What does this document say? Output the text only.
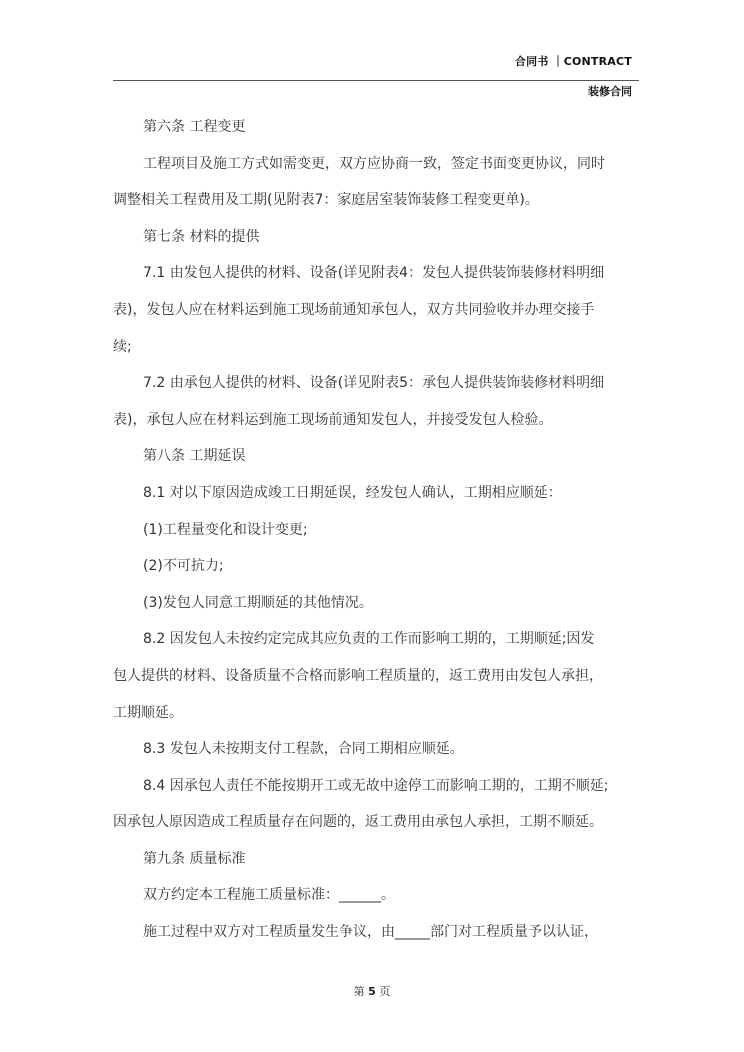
合同书 ｜CONTRACT
装修合同
第六条 工程变更
工程项目及施工方式如需变更，双方应协商一致，签定书面变更协议，同时
调整相关工程费用及工期(见附表7：家庭居室装饰装修工程变更单)。
第七条 材料的提供
7.1 由发包人提供的材料、设备(详见附表4：发包人提供装饰装修材料明细
表)，发包人应在材料运到施工现场前通知承包人，双方共同验收并办理交接手
续;
7.2 由承包人提供的材料、设备(详见附表5：承包人提供装饰装修材料明细
表)，承包人应在材料运到施工现场前通知发包人，并接受发包人检验。
第八条 工期延误
8.1 对以下原因造成竣工日期延误，经发包人确认，工期相应顺延：
(1)工程量变化和设计变更;
(2)不可抗力;
(3)发包人同意工期顺延的其他情况。
8.2 因发包人未按约定完成其应负责的工作而影响工期的，工期顺延;因发
包人提供的材料、设备质量不合格而影响工程质量的，返工费用由发包人承担，
工期顺延。
8.3 发包人未按期支付工程款，合同工期相应顺延。
8.4 因承包人责任不能按期开工或无故中途停工而影响工期的，工期不顺延;
因承包人原因造成工程质量存在问题的，返工费用由承包人承担，工期不顺延。
第九条 质量标准
双方约定本工程施工质量标准：______。
施工过程中双方对工程质量发生争议，由_____部门对工程质量予以认证，
第 5 页
